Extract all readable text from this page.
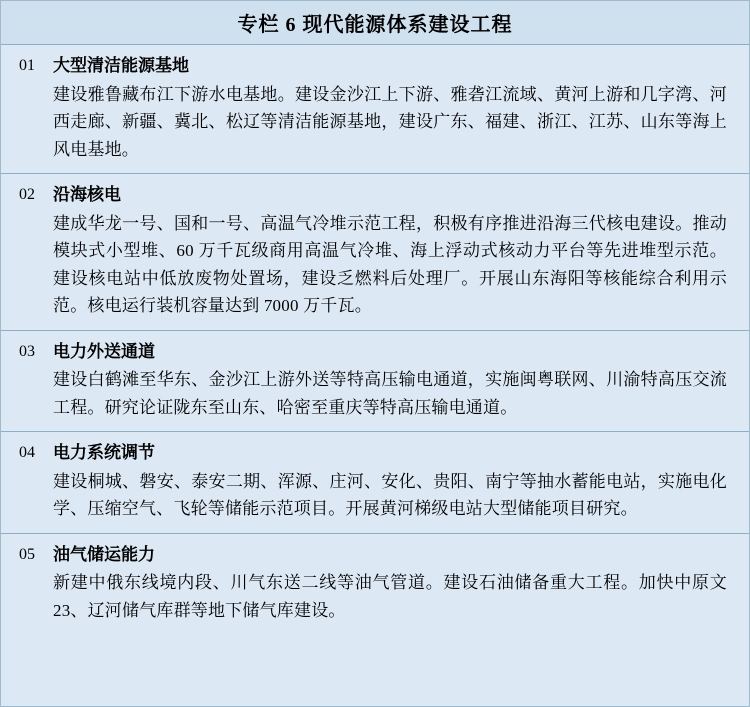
专栏 6 现代能源体系建设工程
01	大型清洁能源基地
建设雅鲁藏布江下游水电基地。建设金沙江上下游、雅砻江流域、黄河上游和几字湾、河西走廊、新疆、冀北、松辽等清洁能源基地，建设广东、福建、浙江、江苏、山东等海上风电基地。
02	沿海核电
建成华龙一号、国和一号、高温气冷堆示范工程，积极有序推进沿海三代核电建设。推动模块式小型堆、60 万千瓦级商用高温气冷堆、海上浮动式核动力平台等先进堆型示范。建设核电站中低放废物处置场，建设乏燃料后处理厂。开展山东海阳等核能综合利用示范。核电运行装机容量达到 7000 万千瓦。
03	电力外送通道
建设白鹤滩至华东、金沙江上游外送等特高压输电通道，实施闽粤联网、川渝特高压交流工程。研究论证陇东至山东、哈密至重庆等特高压输电通道。
04	电力系统调节
建设桐城、磐安、泰安二期、浑源、庄河、安化、贵阳、南宁等抽水蓄能电站，实施电化学、压缩空气、飞轮等储能示范项目。开展黄河梯级电站大型储能项目研究。
05	油气储运能力
新建中俄东线境内段、川气东送二线等油气管道。建设石油储备重大工程。加快中原文 23、辽河储气库群等地下储气库建设。
